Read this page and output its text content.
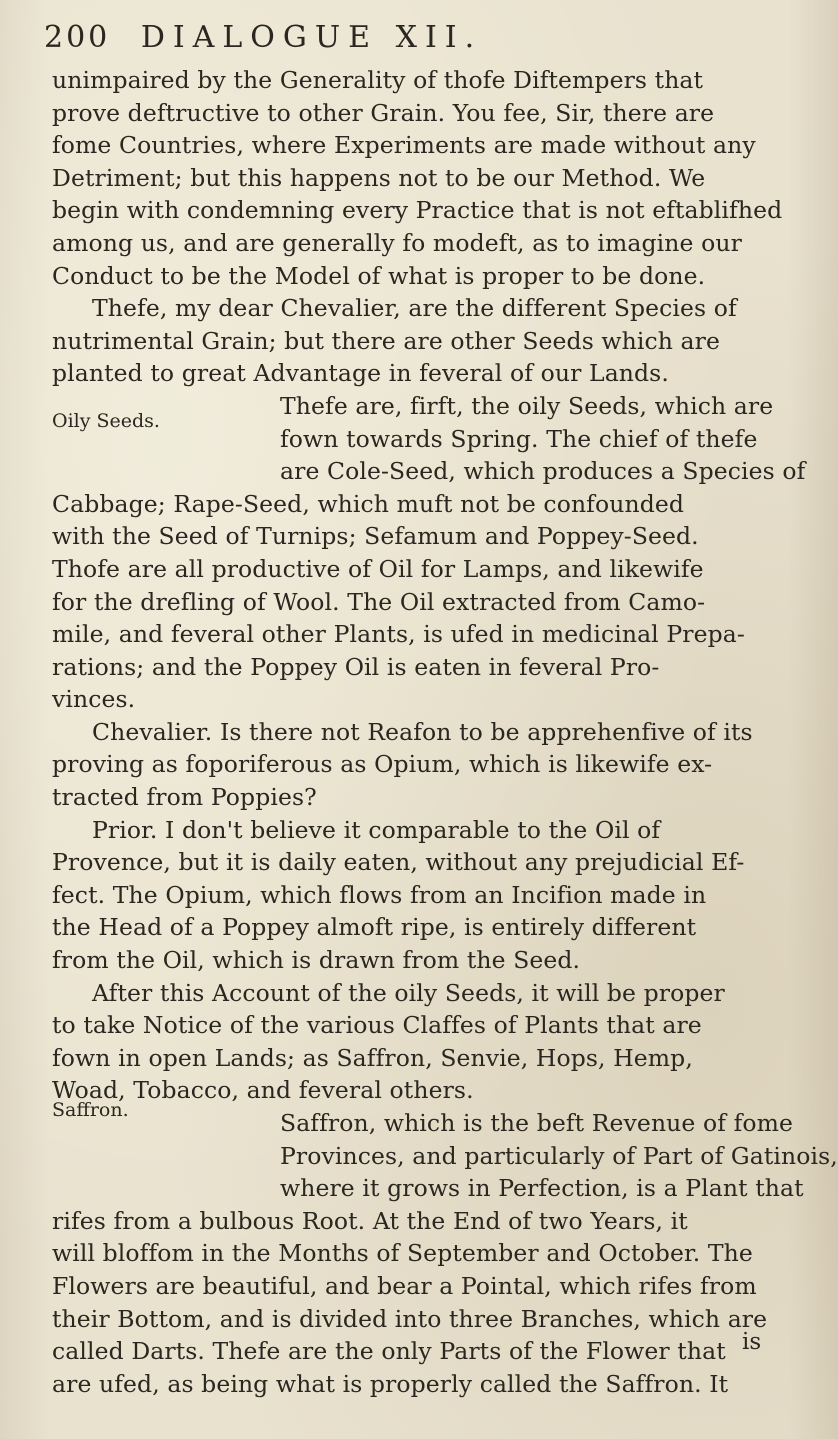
200 DIALOGUE XII.
Oily Seeds.
Saffron.
unimpaired by the Generality of thofe Diftempers that
prove deftructive to other Grain. You fee, Sir, there are
fome Countries, where Experiments are made without any
Detriment; but this happens not to be our Method. We
begin with condemning every Practice that is not eftablifhed
among us, and are generally fo modeft, as to imagine our
Conduct to be the Model of what is proper to be done.
Thefe, my dear Chevalier, are the different Species of
nutrimental Grain; but there are other Seeds which are
planted to great Advantage in feveral of our Lands.
Thefe are, firft, the oily Seeds, which are
fown towards Spring. The chief of thefe
are Cole-Seed, which produces a Species of
Cabbage; Rape-Seed, which muft not be confounded
with the Seed of Turnips; Sefamum and Poppey-Seed.
Thofe are all productive of Oil for Lamps, and likewife
for the drefling of Wool. The Oil extracted from Camo-
mile, and feveral other Plants, is ufed in medicinal Prepa-
rations; and the Poppey Oil is eaten in feveral Pro-
vinces.
Chevalier. Is there not Reafon to be apprehenfive of its
proving as foporiferous as Opium, which is likewife ex-
tracted from Poppies?
Prior. I don't believe it comparable to the Oil of
Provence, but it is daily eaten, without any prejudicial Ef-
fect. The Opium, which flows from an Incifion made in
the Head of a Poppey almoft ripe, is entirely different
from the Oil, which is drawn from the Seed.
After this Account of the oily Seeds, it will be proper
to take Notice of the various Claffes of Plants that are
fown in open Lands; as Saffron, Senvie, Hops, Hemp,
Woad, Tobacco, and feveral others.
Saffron, which is the beft Revenue of fome
Provinces, and particularly of Part of Gatinois,
where it grows in Perfection, is a Plant that
rifes from a bulbous Root. At the End of two Years, it
will bloffom in the Months of September and October. The
Flowers are beautiful, and bear a Pointal, which rifes from
their Bottom, and is divided into three Branches, which are
called Darts. Thefe are the only Parts of the Flower that
are ufed, as being what is properly called the Saffron. It
is
